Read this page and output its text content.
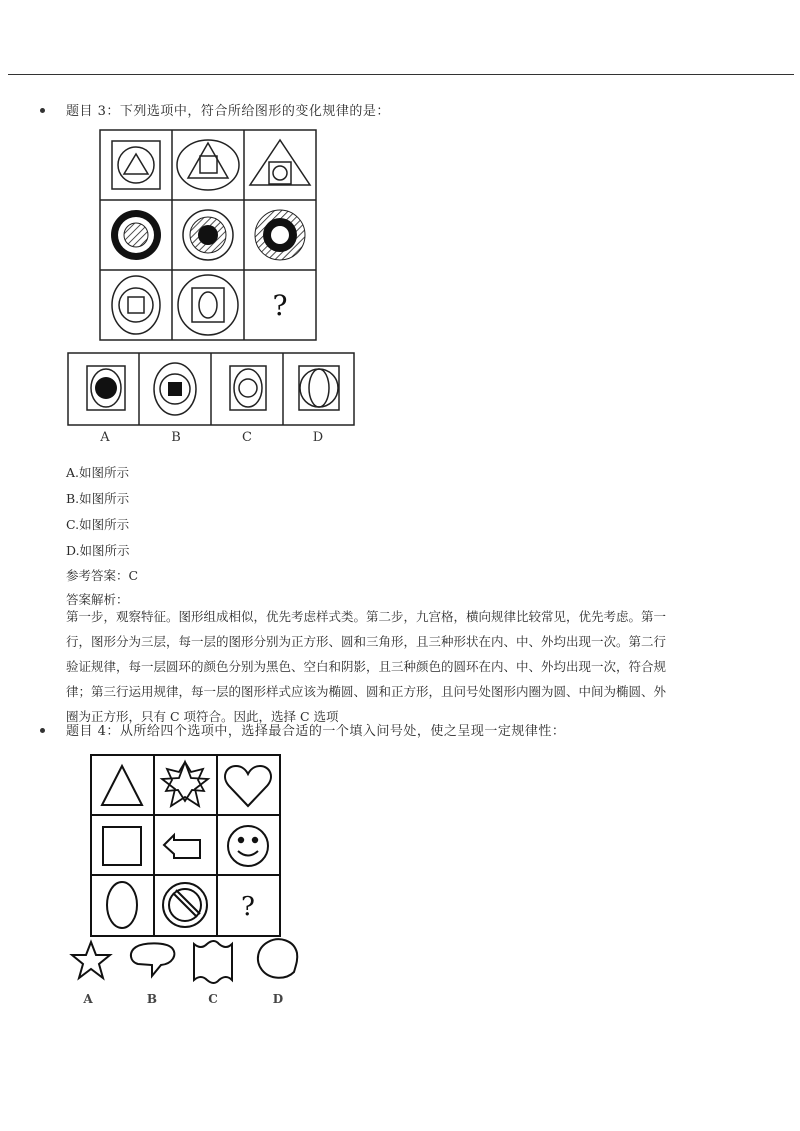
题目 3：下列选项中，符合所给图形的变化规律的是：
?
A	B	C	D
A.如图所示
B.如图所示
C.如图所示
D.如图所示
参考答案：C
答案解析：
第一步，观察特征。图形组成相似，优先考虑样式类。第二步，九宫格，横向规律比较常见，优先考虑。第一
行，图形分为三层，每一层的图形分别为正方形、圆和三角形，且三种形状在内、中、外均出现一次。第二行
验证规律，每一层圆环的颜色分别为黑色、空白和阴影，且三种颜色的圆环在内、中、外均出现一次，符合规
律；第三行运用规律，每一层的图形样式应该为椭圆、圆和正方形，且问号处图形内圈为圆、中间为椭圆、外
圈为正方形，只有 C 项符合。因此，选择 C 选项
题目 4：从所给四个选项中，选择最合适的一个填入问号处，使之呈现一定规律性：
?
A	B	C	D
